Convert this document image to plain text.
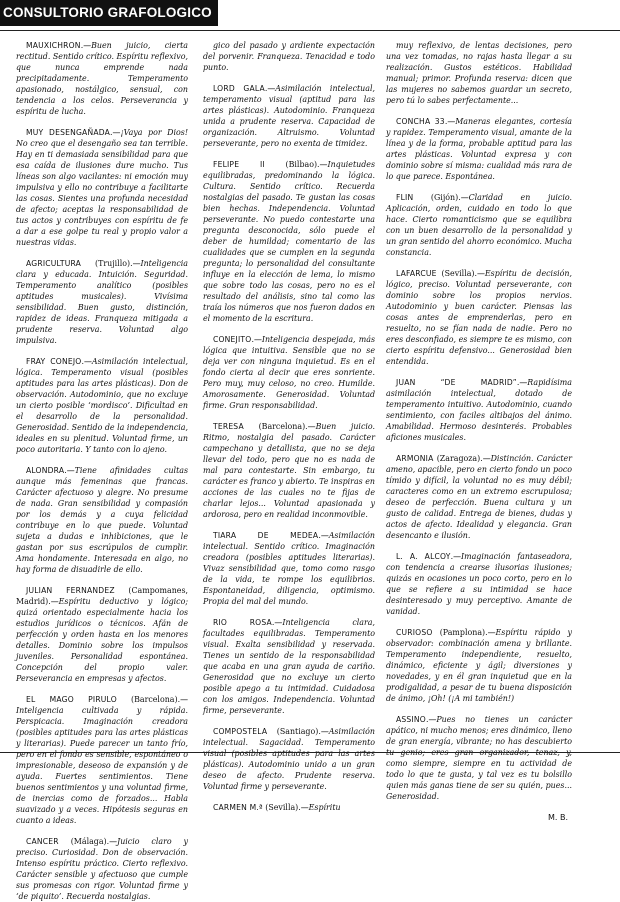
CONSULTORIO GRAFOLOGICO

MAUXICHRON.—Buen juicio, cierta rectitud. Sentido crítico. Espíritu reflexivo, que nunca emprende nada precipitadamente. Temperamento apasionado, nostálgico, sensual, con tendencia a los celos. Perseverancia y espíritu de lucha.

MUY DESENGAÑADA.—¡Vaya por Dios! No creo que el desengaño sea tan terrible. Hay en ti demasiada sensibilidad para que esa caída de ilusiones dure mucho. Tus líneas son algo vacilantes: ni emoción muy impulsiva y ello no contribuye a facilitarte las cosas. Sientes una profunda necesidad de afecto; aceptas la responsabilidad de tus actos y contribuyes con espíritu de fe a dar a ese golpe tu real y propio valor a nuestras vidas.

AGRICULTURA (Trujillo).—Inteligencia clara y educada. Intuición. Seguridad. Temperamento analítico (posibles aptitudes musicales). Vivísima sensibilidad. Buen gusto, distinción, rapidez de ideas. Franqueza mitigada a prudente reserva. Voluntad algo impulsiva.

FRAY CONEJO.—Asimilación intelectual, lógica. Temperamento visual (posibles aptitudes para las artes plásticas). Don de observación. Autodominio, que no excluye un cierto posible ‘mordisco’. Dificultad en el desarrollo de la personalidad. Generosidad. Sentido de la independencia, ideales en su plenitud. Voluntad firme, un poco autoritaria. Y tanto con lo ajeno.

ALONDRA.—Tiene afinidades cultas aunque más femeninas que francas. Carácter afectuoso y alegre. No presume de nada. Gran sensibilidad y compasión por los demás y a cuya felicidad contribuye en lo que puede. Voluntad sujeta a dudas e inhibiciones, que le gastan por sus escrúpulos de cumplir. Ama hondamente. Interesada en algo, no hay forma de disuadirle de ello.

JULIAN FERNANDEZ (Campomanes, Madrid).—Espíritu deductivo y lógico; quizá orientado especialmente hacia los estudios jurídicos o técnicos. Afán de perfección y orden hasta en los menores detalles. Dominio sobre los impulsos juveniles. Personalidad espontánea. Concepción del propio valer. Perseverancia en empresas y afectos.

EL MAGO PIRULO (Barcelona).—Inteligencia cultivada y rápida. Perspicacia. Imaginación creadora (posibles aptitudes para las artes plásticas y literarias). Puede parecer un tanto frío, pero en el fondo es sensible, espontáneo o impresionable, deseoso de expansión y de ayuda. Fuertes sentimientos. Tiene buenos sentimientos y una voluntad firme, de inercias como de forzados... Habla suavizado y a veces. Hipótesis seguras en cuanto a ideas.

CANCER (Málaga).—Juicio claro y preciso. Curiosidad. Don de observación. Intenso espíritu práctico. Cierto reflexivo. Carácter sensible y afectuoso que cumple sus promesas con rigor. Voluntad firme y ‘de piquito’. Recuerda nostalgias.

gico del pasado y ardiente expectación del porvenir. Franqueza. Tenacidad e todo punto.

LORD GALA.—Asimilación intelectual, temperamento visual (aptitud para las artes plásticas). Autodominio. Franqueza unida a prudente reserva. Capacidad de organización. Altruismo. Voluntad perseverante, pero no exenta de timidez.

FELIPE II	(Bilbao).—Inquietudes equilibradas, predominando la lógica. Cultura. Sentido crítico. Recuerda nostalgias del pasado. Te gustan las cosas bien hechas. Independencia. Voluntad perseverante. No puedo contestarte una pregunta desconocida, sólo puede el deber de humildad; comentario de las cualidades que se cumplen en la segunda pregunta; lo personalidad del consultante influye en la elección de lema, lo mismo que sobre todo las cosas, pero no es el resultado del análisis, sino tal como las traía los números que nos fueron dados en el momento de la escritura.

CONEJITO.—Inteligencia despejada, más lógica que intuitiva. Sensible que no se deja ver con ninguna inquietud. Es en el fondo cierta al decir que eres sonriente. Pero muy, muy celoso, no creo. Humilde. Amorosamente. Generosidad. Voluntad firme. Gran responsabilidad.

TERESA (Barcelona).—Buen juicio. Ritmo, nostalgia del pasado. Carácter campechano y detallista, que no se deja llevar del todo, pero que no es nada de mal para contestarte. Sin embargo, tu carácter es franco y abierto. Te inspiras en acciones de las cuales no te fijas de charlar lejos... Voluntad apasionada y ardorosa, pero en realidad inconmovible.

TIARA DE MEDEA.—Asimilación intelectual. Sentido crítico. Imaginación creadora (posibles aptitudes literarias). Vivaz sensibilidad que, tomo como rasgo de la vida, te rompe los equilibrios. Espontaneidad, diligencia, optimismo. Propia del mal del mundo.

RIO ROSA.—Inteligencia clara, facultades equilibradas. Temperamento visual. Exalta sensibilidad y reservada. Tienes un sentido de la responsabilidad que acaba en una gran ayuda de cariño. Generosidad que no excluye un cierto posible apego a tu intimidad. Cuidadosa con los amigos. Independencia. Voluntad firme, perseverante.

COMPOSTELA (Santiago).—Asimilación intelectual. Sagacidad. Temperamento visual (posibles aptitudes para las artes plásticas). Autodominio unido a un gran deseo de afecto. Prudente reserva. Voluntad firme y perseverante.

CARMEN M.ª (Sevilla).—Espíritu

muy reflexivo, de lentas decisiones, pero una vez tomadas, no rajas hasta llegar a su realización. Gustos estéticos. Habilidad manual; primor. Profunda reserva: dicen que las mujeres no sabemos guardar un secreto, pero tú lo sabes perfectamente...

CONCHA 33.—Maneras elegantes, cortesía y rapidez. Temperamento visual, amante de la línea y de la forma, probable aptitud para las artes plásticas. Voluntad expresa y con dominio sobre sí misma: cualidad más rara de lo que parece. Espontánea.

FLIN (Gijón).—Claridad en juicio. Aplicación, orden, cuidado en todo lo que hace. Cierto romanticismo que se equilibra con un buen desarrollo de la personalidad y un gran sentido del ahorro económico. Mucha constancia.

LAFARCUE (Sevilla).—Espíritu de decisión, lógico, preciso. Voluntad perseverante, con dominio sobre los propios nervios. Autodominio y buen carácter. Piensas las cosas antes de emprenderlas, pero en resuelto, no se fían nada de nadie. Pero no eres desconfiado, es siempre te es mismo, con cierto espíritu defensivo... Generosidad bien entendida.

JUAN “DE MADRID”.—Rapidísima asimilación intelectual, dotado de temperamento intuitivo. Autodominio, cuando sentimiento, con faciles altibajos del ánimo. Amabilidad. Hermoso desinterés. Probables aficiones musicales.

ARMONIA (Zaragoza).—Distinción. Carácter ameno, apacible, pero en cierto fondo un poco tímido y difícil, la voluntad no es muy débil; caracteres como en un extremo escrupulosa; deseo de perfección. Buena cultura y un gusto de calidad. Entrega de bienes, dudas y actos de afecto. Idealidad y elegancia. Gran desencanto e ilusión.

L. A. ALCOY.—Imaginación fantaseadora, con tendencia a crearse ilusorias ilusiones; quizás en ocasiones un poco corto, pero en lo que se refiere a su intimidad se hace desinteresado y muy perceptivo. Amante de vanidad.

CURIOSO (Pamplona).—Espíritu rápido y observador: combinación amena y brillante. Temperamento independiente, resuelto, dinámico, eficiente y ágil; diversiones y novedades, y en él gran inquietud que en la prodigalidad, a pesar de tu buena disposición de ánimo, ¡Oh! (¡A mi también!)

ASSINO.—Pues no tienes un carácter apático, ni mucho menos; eres dinámico, lleno de gran energía, vibrante; no has descubierto tu genio; eres gran organizador, tenaz, y, como siempre, siempre en tu actividad de todo lo que te gusta, y tal vez es tu bolsillo quien más ganas tiene de ser su quién, pues... Generosidad.

M. B.
